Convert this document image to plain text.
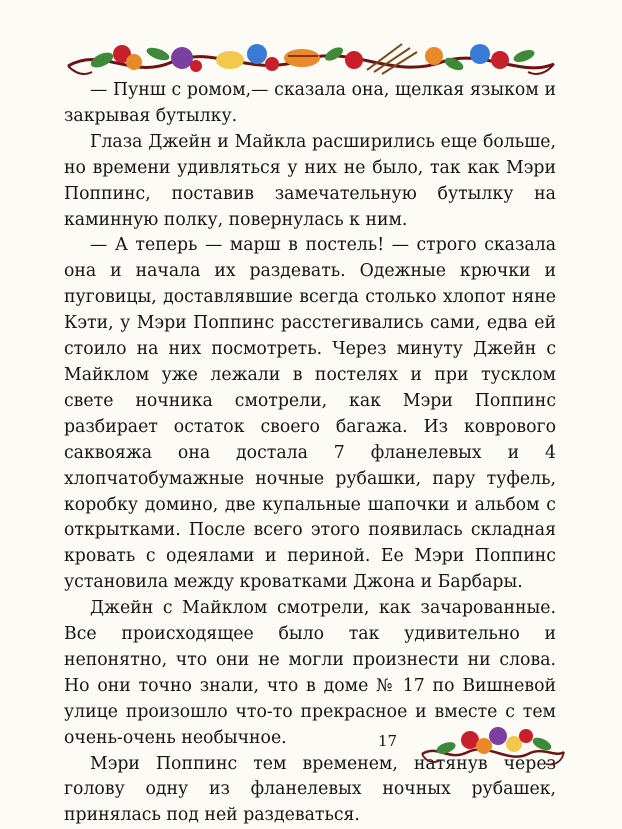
— Пунш с ромом,— сказала она, щелкая языком и закрывая бутылку.

Глаза Джейн и Майкла расширились еще больше, но времени удивляться у них не было, так как Мэри Поппинс, поставив замечательную бутылку на каминную полку, повернулась к ним.

— А теперь — марш в постель! — строго сказала она и начала их раздевать. Одежные крючки и пуговицы, доставлявшие всегда столько хлопот няне Кэти, у Мэри Поппинс расстегивались сами, едва ей стоило на них посмотреть. Через минуту Джейн с Майклом уже лежали в постелях и при тусклом свете ночника смотрели, как Мэри Поппинс разбирает остаток своего багажа. Из коврового саквояжа она достала 7 фланелевых и 4 хлопчатобумажные ночные рубашки, пару туфель, коробку домино, две купальные шапочки и альбом с открытками. После всего этого появилась складная кровать с одеялами и периной. Ее Мэри Поппинс установила между кроватками Джона и Барбары.

Джейн с Майклом смотрели, как зачарованные. Все происходящее было так удивительно и непонятно, что они не могли произнести ни слова. Но они точно знали, что в доме № 17 по Вишневой улице произошло что-то прекрасное и вместе с тем очень-очень необычное.

Мэри Поппинс тем временем, натянув через голову одну из фланелевых ночных рубашек, принялась под ней раздеваться.

17
